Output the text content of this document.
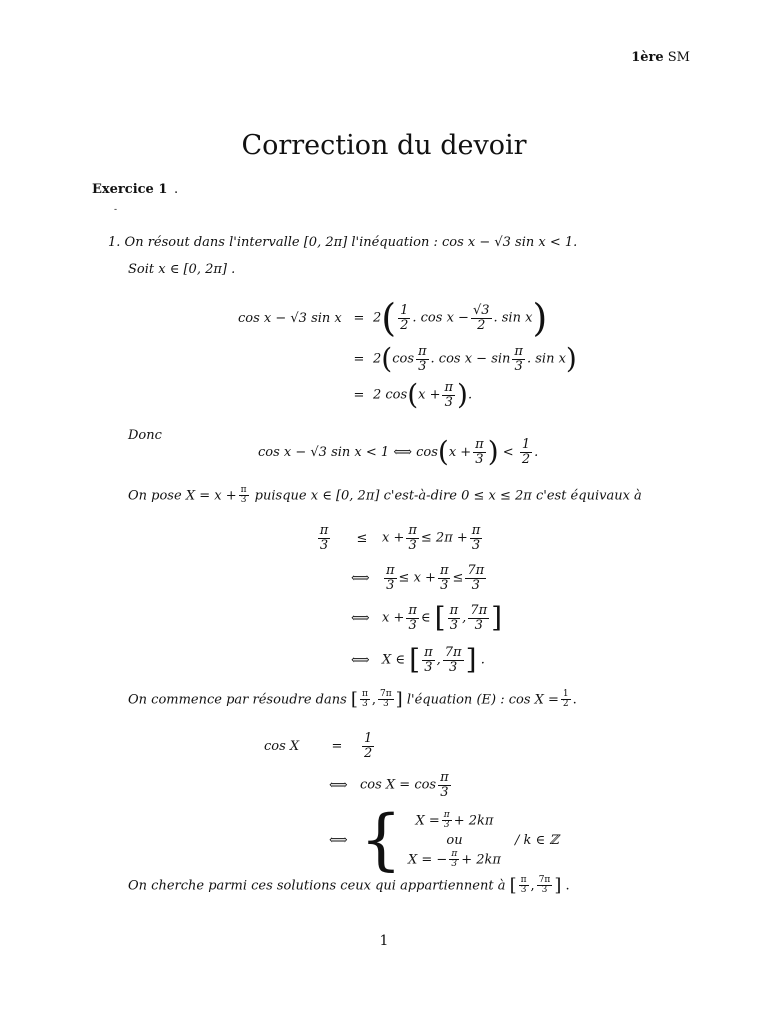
1ère SM
Correction du devoir
Exercice 1 .
-
1. On résout dans l'intervalle [0, 2π] l'inéquation : cos x − √3 sin x < 1.
Soit x ∈ [0, 2π] .
cos x − √3 $\sin x = 2( \frac{1}{2}$ . $\cos x - \frac{√3}{2}$ . sin x)
= $2(\cos \frac{\pi}{3}$ . $\cos x - \sin \frac{\pi}{3}$ . sin x)
= 2 $\cos(x + \frac{\pi}{3}$ ).
Donc
cos x − √3 sin x < 1 ⟺ cos ( $x + \frac{\pi}{3}$ )
<
$\frac{1}{2}$ .
On pose $X = x + \frac{\pi}{3}$ puisque x ∈ [0, 2π] c'est-à-dire 0 ≤ x ≤ 2π c'est équivaux à
$\frac{\pi}{3}$	≤	$x + \frac{\pi}{3} \le 2\pi + \frac{\pi}{3}$
⟺	$\frac{\pi}{3} \le x + \frac{\pi}{3} \le \frac{7\pi}{3}$
⟺ $x + \frac{\pi}{3}$ ∈ [ $\frac{\pi}{3}$ , $\frac{7\pi}{3}$ ]
⟺ X ∈ [ $\frac{\pi}{3}$ , $\frac{7\pi}{3}$ ] .
On commence par résoudre dans [ $\frac{\pi}{3}$ , $\frac{7\pi}{3}$ ] l'équation (E) : $\cos X = \frac{1}{2}$ .
cos X	=	$\frac{1}{2}$
⟺ $\cos X = \cos \frac{\pi}{3}$
⟺ { $X = \frac{\pi}{3} + 2k\pi$
ou
X = − $\frac{\pi}{3} + 2k\pi$
/ k ∈ ℤ
On cherche parmi ces solutions ceux qui appartiennent à [ $\frac{\pi}{3}$ , $\frac{7\pi}{3}$ ] .
1
